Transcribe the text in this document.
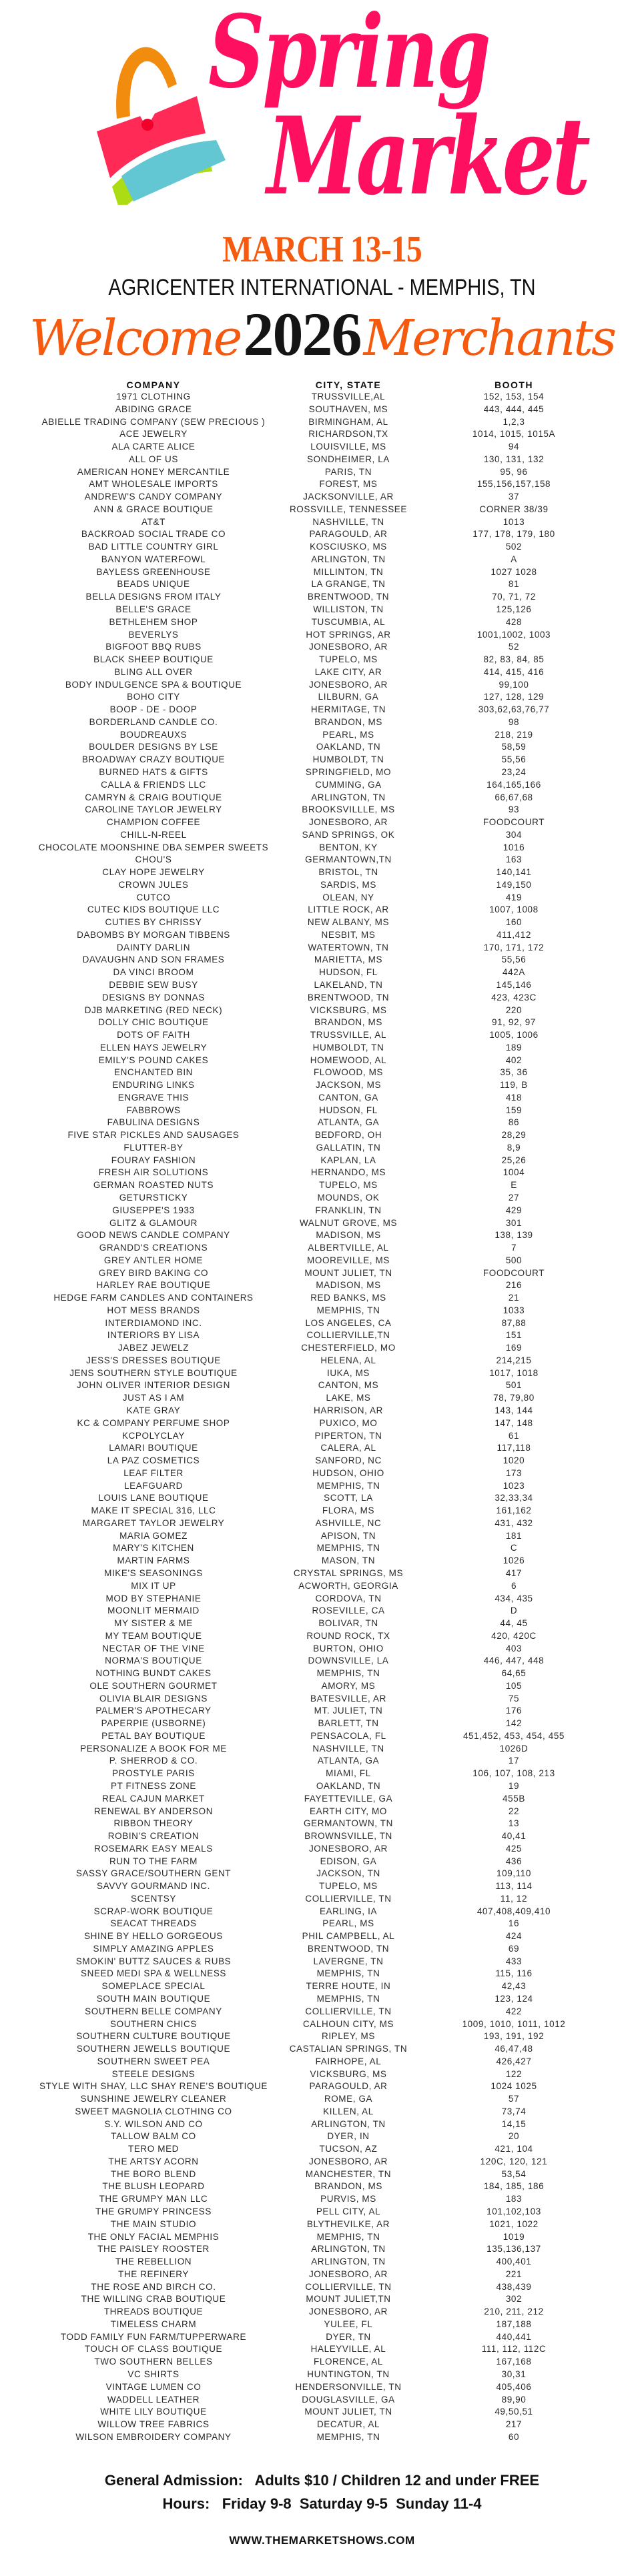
Spring
Market
MARCH 13-15
AGRICENTER INTERNATIONAL - MEMPHIS, TN
Welcome2026Merchants
COMPANY	CITY, STATE	BOOTH
1971 CLOTHING	TRUSSVILLE,AL	152, 153, 154
ABIDING GRACE	SOUTHAVEN, MS	443, 444, 445
ABIELLE TRADING COMPANY (SEW PRECIOUS )	BIRMINGHAM, AL	1,2,3
ACE JEWELRY	RICHARDSON,TX	1014, 1015, 1015A
ALA CARTE ALICE	LOUISVILLE, MS	94
ALL OF US	SONDHEIMER, LA	130, 131, 132
AMERICAN HONEY MERCANTILE	PARIS, TN	95, 96
AMT WHOLESALE IMPORTS	FOREST, MS	155,156,157,158
ANDREW'S CANDY COMPANY	JACKSONVILLE, AR	37
ANN & GRACE BOUTIQUE	ROSSVILLE, TENNESSEE	CORNER 38/39
AT&T	NASHVILLE, TN	1013
BACKROAD SOCIAL TRADE CO	PARAGOULD, AR	177, 178, 179, 180
BAD LITTLE COUNTRY GIRL	KOSCIUSKO, MS	502
BANYON WATERFOWL	ARLINGTON, TN	A
BAYLESS GREENHOUSE	MILLINTON, TN	1027 1028
BEADS UNIQUE	LA GRANGE, TN	81
BELLA DESIGNS FROM ITALY	BRENTWOOD, TN	70, 71, 72
BELLE'S GRACE	WILLISTON, TN	125,126
BETHLEHEM SHOP	TUSCUMBIA, AL	428
BEVERLYS	HOT SPRINGS, AR	1001,1002, 1003
BIGFOOT BBQ RUBS	JONESBORO, AR	52
BLACK SHEEP BOUTIQUE	TUPELO, MS	82, 83, 84, 85
BLING ALL OVER	LAKE CITY, AR	414, 415, 416
BODY INDULGENCE SPA & BOUTIQUE	JONESBORO, AR	99,100
BOHO CITY	LILBURN, GA	127, 128, 129
BOOP - DE - DOOP	HERMITAGE, TN	303,62,63,76,77
BORDERLAND CANDLE CO.	BRANDON, MS	98
BOUDREAUXS	PEARL, MS	218, 219
BOULDER DESIGNS BY LSE	OAKLAND, TN	58,59
BROADWAY CRAZY BOUTIQUE	HUMBOLDT, TN	55,56
BURNED HATS & GIFTS	SPRINGFIELD, MO	23,24
CALLA & FRIENDS LLC	CUMMING, GA	164,165,166
CAMRYN & CRAIG BOUTIQUE	ARLINGTON, TN	66,67,68
CAROLINE TAYLOR JEWELRY	BROOKSVILLLE, MS	93
CHAMPION COFFEE	JONESBORO, AR	FOODCOURT
CHILL-N-REEL	SAND SPRINGS, OK	304
CHOCOLATE MOONSHINE DBA SEMPER SWEETS	BENTON, KY	1016
CHOU'S	GERMANTOWN,TN	163
CLAY HOPE JEWELRY	BRISTOL, TN	140,141
CROWN JULES	SARDIS, MS	149,150
CUTCO	OLEAN, NY	419
CUTEC KIDS BOUTIQUE LLC	LITTLE ROCK, AR	1007, 1008
CUTIES BY CHRISSY	NEW ALBANY, MS	160
DABOMBS BY MORGAN TIBBENS	NESBIT, MS	411,412
DAINTY DARLIN	WATERTOWN, TN	170, 171, 172
DAVAUGHN AND SON FRAMES	MARIETTA, MS	55,56
DA VINCI BROOM	HUDSON, FL	442A
DEBBIE SEW BUSY	LAKELAND, TN	145,146
DESIGNS BY DONNAS	BRENTWOOD, TN	423, 423C
DJB MARKETING (RED NECK)	VICKSBURG, MS	220
DOLLY CHIC BOUTIQUE	BRANDON, MS	91, 92, 97
DOTS OF FAITH	TRUSSVILLE, AL	1005, 1006
ELLEN HAYS JEWELRY	HUMBOLDT, TN	189
EMILY'S POUND CAKES	HOMEWOOD, AL	402
ENCHANTED BIN	FLOWOOD, MS	35, 36
ENDURING LINKS	JACKSON, MS	119, B
ENGRAVE THIS	CANTON, GA	418
FABBROWS	HUDSON, FL	159
FABULINA DESIGNS	ATLANTA, GA	86
FIVE STAR PICKLES AND SAUSAGES	BEDFORD, OH	28,29
FLUTTER-BY	GALLATIN, TN	8,9
FOURAY FASHION	KAPLAN, LA	25,26
FRESH AIR SOLUTIONS	HERNANDO, MS	1004
GERMAN ROASTED NUTS	TUPELO, MS	E
GETURSTICKY	MOUNDS, OK	27
GIUSEPPE'S 1933	FRANKLIN, TN	429
GLITZ & GLAMOUR	WALNUT GROVE, MS	301
GOOD NEWS CANDLE COMPANY	MADISON, MS	138, 139
GRANDD'S CREATIONS	ALBERTVILLE, AL	7
GREY ANTLER HOME	MOOREVILLE, MS	500
GREY BIRD BAKING CO	MOUNT JULIET, TN	FOODCOURT
HARLEY RAE BOUTIQUE	MADISON, MS	216
HEDGE FARM CANDLES AND CONTAINERS	RED BANKS, MS	21
HOT MESS BRANDS	MEMPHIS, TN	1033
INTERDIAMOND INC.	LOS ANGELES, CA	87,88
INTERIORS BY LISA	COLLIERVILLE,TN	151
JABEZ JEWELZ	CHESTERFIELD, MO	169
JESS'S DRESSES BOUTIQUE	HELENA, AL	214,215
JENS SOUTHERN STYLE BOUTIQUE	IUKA, MS	1017, 1018
JOHN OLIVER INTERIOR DESIGN	CANTON, MS	501
JUST AS I AM	LAKE, MS	78, 79,80
KATE GRAY	HARRISON, AR	143, 144
KC & COMPANY PERFUME SHOP	PUXICO, MO	147, 148
KCPOLYCLAY	PIPERTON, TN	61
LAMARI BOUTIQUE	CALERA, AL	117,118
LA PAZ COSMETICS	SANFORD, NC	1020
LEAF FILTER	HUDSON, OHIO	173
LEAFGUARD	MEMPHIS, TN	1023
LOUIS LANE BOUTIQUE	SCOTT, LA	32,33,34
MAKE IT SPECIAL 316, LLC	FLORA, MS	161,162
MARGARET TAYLOR JEWELRY	ASHVILLE, NC	431, 432
MARIA GOMEZ	APISON, TN	181
MARY'S KITCHEN	MEMPHIS, TN	C
MARTIN FARMS	MASON, TN	1026
MIKE'S SEASONINGS	CRYSTAL SPRINGS, MS	417
MIX IT UP	ACWORTH, GEORGIA	6
MOD BY STEPHANIE	CORDOVA, TN	434, 435
MOONLIT MERMAID	ROSEVILLE, CA	D
MY SISTER & ME	BOLIVAR, TN	44, 45
MY TEAM BOUTIQUE	ROUND ROCK, TX	420, 420C
NECTAR OF THE VINE	BURTON, OHIO	403
NORMA'S BOUTIQUE	DOWNSVILLE, LA	446, 447, 448
NOTHING BUNDT CAKES	MEMPHIS, TN	64,65
OLE SOUTHERN GOURMET	AMORY, MS	105
OLIVIA BLAIR DESIGNS	BATESVILLE, AR	75
PALMER'S APOTHECARY	MT. JULIET, TN	176
PAPERPIE (USBORNE)	BARLETT, TN	142
PETAL BAY BOUTIQUE	PENSACOLA, FL	451,452, 453, 454, 455
PERSONALIZE A BOOK FOR ME	NASHVILLE, TN	1026D
P. SHERROD & CO.	ATLANTA, GA	17
PROSTYLE PARIS	MIAMI, FL	106, 107, 108, 213
PT FITNESS ZONE	OAKLAND, TN	19
REAL CAJUN MARKET	FAYETTEVILLE, GA	455B
RENEWAL BY ANDERSON	EARTH CITY, MO	22
RIBBON THEORY	GERMANTOWN, TN	13
ROBIN'S CREATION	BROWNSVILLE, TN	40,41
ROSEMARK EASY MEALS	JONESBORO, AR	425
RUN TO THE FARM	EDISON, GA	436
SASSY GRACE/SOUTHERN GENT	JACKSON, TN	109,110
SAVVY GOURMAND INC.	TUPELO, MS	113, 114
SCENTSY	COLLIERVILLE, TN	11, 12
SCRAP-WORK BOUTIQUE	EARLING, IA	407,408,409,410
SEACAT THREADS	PEARL, MS	16
SHINE BY HELLO GORGEOUS	PHIL CAMPBELL, AL	424
SIMPLY AMAZING APPLES	BRENTWOOD, TN	69
SMOKIN' BUTTZ SAUCES & RUBS	LAVERGNE, TN	433
SNEED MEDI SPA & WELLNESS	MEMPHIS, TN	115, 116
SOMEPLACE SPECIAL	TERRE HOUTE, IN	42,43
SOUTH MAIN BOUTIQUE	MEMPHIS, TN	123, 124
SOUTHERN BELLE COMPANY	COLLIERVILLE, TN	422
SOUTHERN CHICS	CALHOUN CITY, MS	1009, 1010, 1011, 1012
SOUTHERN CULTURE BOUTIQUE	RIPLEY, MS	193, 191, 192
SOUTHERN JEWELLS BOUTIQUE	CASTALIAN SPRINGS, TN	46,47,48
SOUTHERN SWEET PEA	FAIRHOPE, AL	426,427
STEELE DESIGNS	VICKSBURG, MS	122
STYLE WITH SHAY, LLC SHAY RENE'S BOUTIQUE	PARAGOULD, AR	1024 1025
SUNSHINE JEWELRY CLEANER	ROME, GA	57
SWEET MAGNOLIA CLOTHING CO	KILLEN, AL	73,74
S.Y. WILSON AND CO	ARLINGTON, TN	14,15
TALLOW BALM CO	DYER, IN	20
TERO MED	TUCSON, AZ	421, 104
THE ARTSY ACORN	JONESBORO, AR	120C, 120, 121
THE BORO BLEND	MANCHESTER, TN	53,54
THE BLUSH LEOPARD	BRANDON, MS	184, 185, 186
THE GRUMPY MAN LLC	PURVIS, MS	183
THE GRUMPY PRINCESS	PELL CITY, AL	101,102,103
THE MAIN STUDIO	BLYTHEVILKE, AR	1021, 1022
THE ONLY FACIAL MEMPHIS	MEMPHIS, TN	1019
THE PAISLEY ROOSTER	ARLINGTON, TN	135,136,137
THE REBELLION	ARLINGTON, TN	400,401
THE REFINERY	JONESBORO, AR	221
THE ROSE AND BIRCH CO.	COLLIERVILLE, TN	438,439
THE WILLING CRAB BOUTIQUE	MOUNT JULIET,TN	302
THREADS BOUTIQUE	JONESBORO, AR	210, 211, 212
TIMELESS CHARM	YULEE, FL	187,188
TODD FAMILY FUN FARM/TUPPERWARE	DYER, TN	440,441
TOUCH OF CLASS BOUTIQUE	HALEYVILLE, AL	111, 112, 112C
TWO SOUTHERN BELLES	FLORENCE, AL	167,168
VC SHIRTS	HUNTINGTON, TN	30,31
VINTAGE LUMEN CO	HENDERSONVILLE, TN	405,406
WADDELL LEATHER	DOUGLASVILLE, GA	89,90
WHITE LILY BOUTIQUE	MOUNT JULIET, TN	49,50,51
WILLOW TREE FABRICS	DECATUR, AL	217
WILSON EMBROIDERY COMPANY	MEMPHIS, TN	60
General Admission:   Adults $10 / Children 12 and under FREE
Hours:   Friday 9-8  Saturday 9-5  Sunday 11-4
WWW.THEMARKETSHOWS.COM
